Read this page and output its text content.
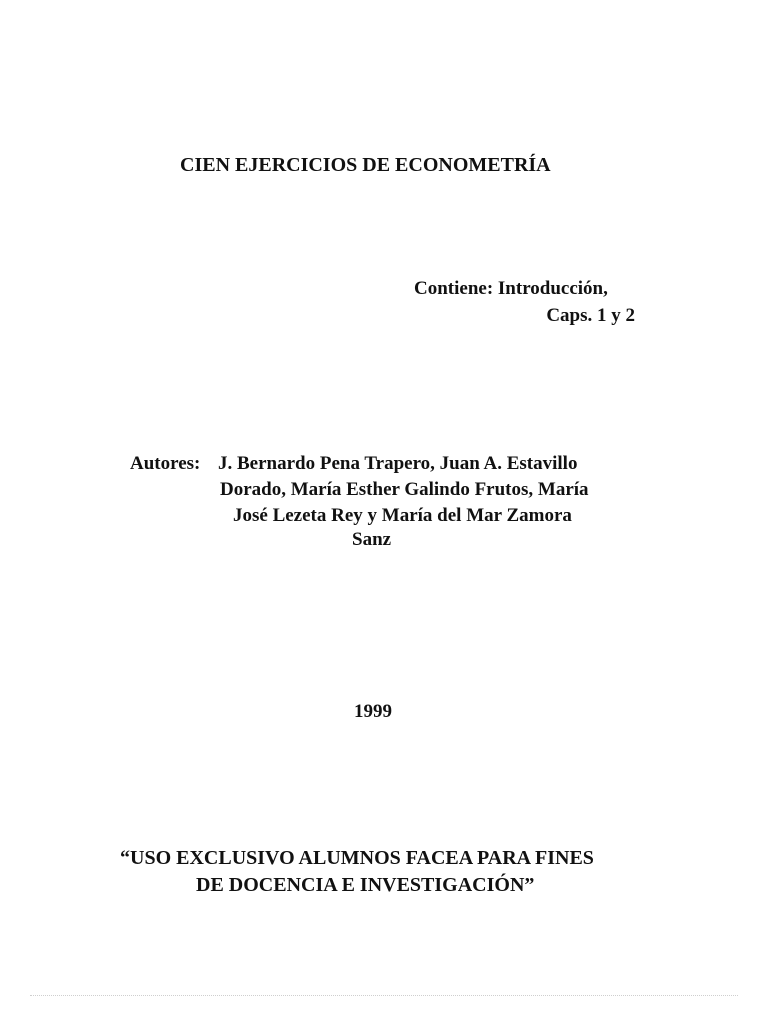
CIEN EJERCICIOS DE ECONOMETRÍA
Contiene: Introducción,
Caps. 1 y 2
Autores: J. Bernardo Pena Trapero, Juan A. Estavillo
Dorado, María Esther Galindo Frutos, María
José Lezeta Rey y María del Mar Zamora
Sanz
1999
“USO EXCLUSIVO ALUMNOS FACEA PARA FINES
DE DOCENCIA E INVESTIGACIÓN”
